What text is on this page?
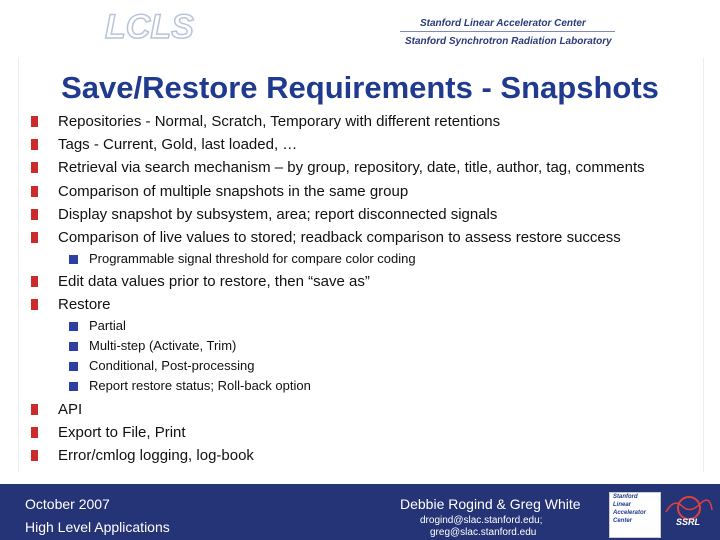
LCLS	Stanford Linear Accelerator Center
Stanford Synchrotron Radiation Laboratory
Save/Restore Requirements - Snapshots
Repositories - Normal, Scratch, Temporary with different retentions
Tags - Current, Gold, last loaded, …
Retrieval via search mechanism – by group, repository, date, title, author, tag, comments
Comparison of multiple snapshots in the same group
Display snapshot by subsystem, area; report disconnected signals
Comparison of live values to stored; readback comparison to assess restore success
Programmable signal threshold for compare color coding
Edit data values prior to restore, then “save as”
Restore
Partial
Multi-step (Activate, Trim)
Conditional, Post-processing
Report restore status; Roll-back option
API
Export to File, Print
Error/cmlog logging, log-book
October 2007
High Level Applications
Debbie Rogind & Greg White
drogind@slac.stanford.edu;
greg@slac.stanford.edu
Stanford
Linear
Accelerator
Center	SSRL
